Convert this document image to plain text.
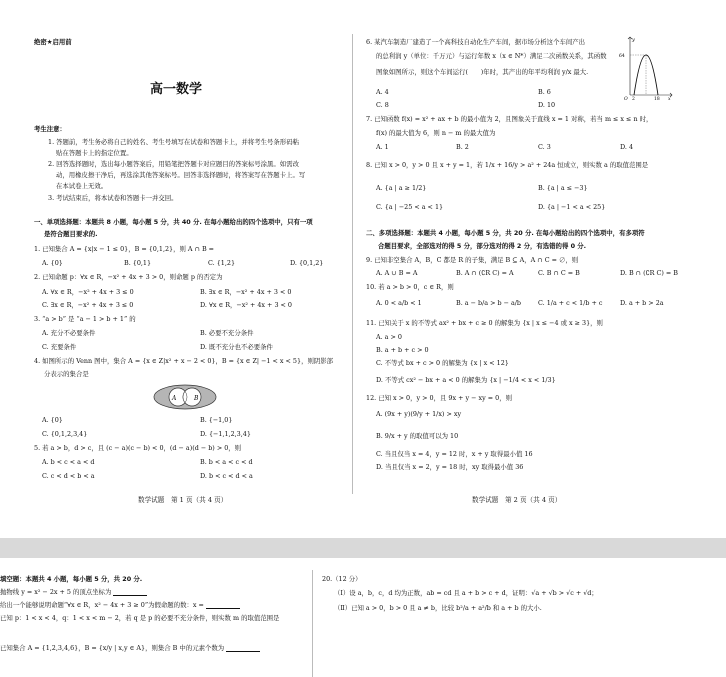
绝密★启用前
高一数学
考生注意：
1. 答题前，考生务必将自己的姓名、考生号填写在试卷和答题卡上，并将考生号条形码粘
贴在答题卡上的指定位置。
2. 回答选择题时，选出每小题答案后，用铅笔把答题卡对应题目的答案标号涂黑。如需改
动，用橡皮擦干净后，再选涂其他答案标号。回答非选择题时，将答案写在答题卡上。写
在本试卷上无效。
3. 考试结束后，将本试卷和答题卡一并交回。
一、单项选择题：本题共 8 小题，每小题 5 分，共 40 分. 在每小题给出的四个选项中，只有一项
是符合题目要求的.
1. 已知集合 A = {x|x − 1 ≤ 0}，B = {0,1,2}，则 A ∩ B =
A. {0}	B. {0,1}	C. {1,2}	D. {0,1,2}
2. 已知命题 p：∀x ∈ R，−x² + 4x + 3 > 0，则命题 p 的否定为
A. ∀x ∈ R，−x² + 4x + 3 ≤ 0	B. ∃x ∈ R，−x² + 4x + 3 < 0
C. ∃x ∈ R，−x² + 4x + 3 ≤ 0	D. ∀x ∈ R，−x² + 4x + 3 < 0
3. “a > b” 是 “a − 1 > b + 1” 的
A. 充分不必要条件	B. 必要不充分条件
C. 充要条件	D. 既不充分也不必要条件
4. 如图所示的 Venn 图中，集合 A = {x ∈ Z|x² + x − 2 < 0}，B = {x ∈ Z| −1 < x < 5}，则阴影部
分表示的集合是
A	B
A. {0}	B. {−1,0}
C. {0,1,2,3,4}	D. {−1,1,2,3,4}
5. 若 a > b，d > c，且 (c − a)(c − b) < 0，(d − a)(d − b) > 0，则
A. b < c < a < d	B. b < a < c < d
C. c < d < b < a	D. b < c < d < a
数学试题　第 1 页（共 4 页）
6. 某汽车制造厂建造了一个高科技自动化生产车间，据市场分析这个车间产出
的总利润 y（单位：千万元）与运行年数 x（x ∈ N*）满足二次函数关系，其函数
图象如图所示，则这个车间运行(　　)年时，其产出的年平均利润 y/x 最大.
y
64
O 2	18 x
A. 4	B. 6
C. 8	D. 10
7. 已知函数 f(x) = x² + ax + b 的最小值为 2，且图象关于直线 x = 1 对称，若当 m ≤ x ≤ n 时，
f(x) 的最大值为 6，则 n − m 的最大值为
A. 1	B. 2	C. 3	D. 4
8. 已知 x > 0，y > 0 且 x + y = 1，若 1/x + 16/y > a² + 24a 恒成立，则实数 a 的取值范围是
A. {a | a ≥ 1/2}	B. {a | a ≤ −3}
C. {a | −25 < a < 1}	D. {a | −1 < a < 25}
二、多项选择题：本题共 4 小题，每小题 5 分，共 20 分. 在每小题给出的四个选项中，有多项符
合题目要求，全部选对的得 5 分，部分选对的得 2 分，有选错的得 0 分.
9. 已知非空集合 A，B，C 都是 R 的子集，满足 B ⊆ A，A ∩ C = ∅，则
A. A ∪ B = A	B. A ∩ (∁R C) = A	C. B ∩ C = B	D. B ∩ (∁R C) = B
10. 若 a > b > 0，c ∈ R，则
A. 0 < a/b < 1	B. a − b/a > b − a/b	C. 1/a + c < 1/b + c	D. a + b > 2a
11. 已知关于 x 的不等式 ax² + bx + c ≥ 0 的解集为 {x | x ≤ −4 或 x ≥ 3}，则
A. a > 0
B. a + b + c > 0
C. 不等式 bx + c > 0 的解集为 {x | x < 12}
D. 不等式 cx² − bx + a < 0 的解集为 {x | −1/4 < x < 1/3}
12. 已知 x > 0，y > 0，且 9x + y − xy = 0，则
A. (9x + y)(9/y + 1/x) > xy
B. 9/x + y 的取值可以为 10
C. 当且仅当 x = 4，y = 12 时，x + y 取得最小值 16
D. 当且仅当 x = 2，y = 18 时，xy 取得最小值 36
数学试题　第 2 页（共 4 页）
填空题：本题共 4 小题，每小题 5 分，共 20 分.
抛物线 y = x² − 2x + 5 的顶点坐标为
给出一个能够说明命题“∀x ∈ R，x² − 4x + 3 ≥ 0”为假命题的数：x =
已知 p：1 < x < 4，q：1 < x < m − 2，若 q 是 p 的必要不充分条件，则实数 m 的取值范围是
已知集合 A = {1,2,3,4,6}，B = {x/y | x,y ∈ A}，则集合 B 中的元素个数为
20.（12 分）
（Ⅰ）设 a，b，c，d 均为正数，ab = cd 且 a + b > c + d，证明：√a + √b > √c + √d；
（Ⅱ）已知 a > 0，b > 0 且 a ≠ b，比较 b²/a + a²/b 和 a + b 的大小.
